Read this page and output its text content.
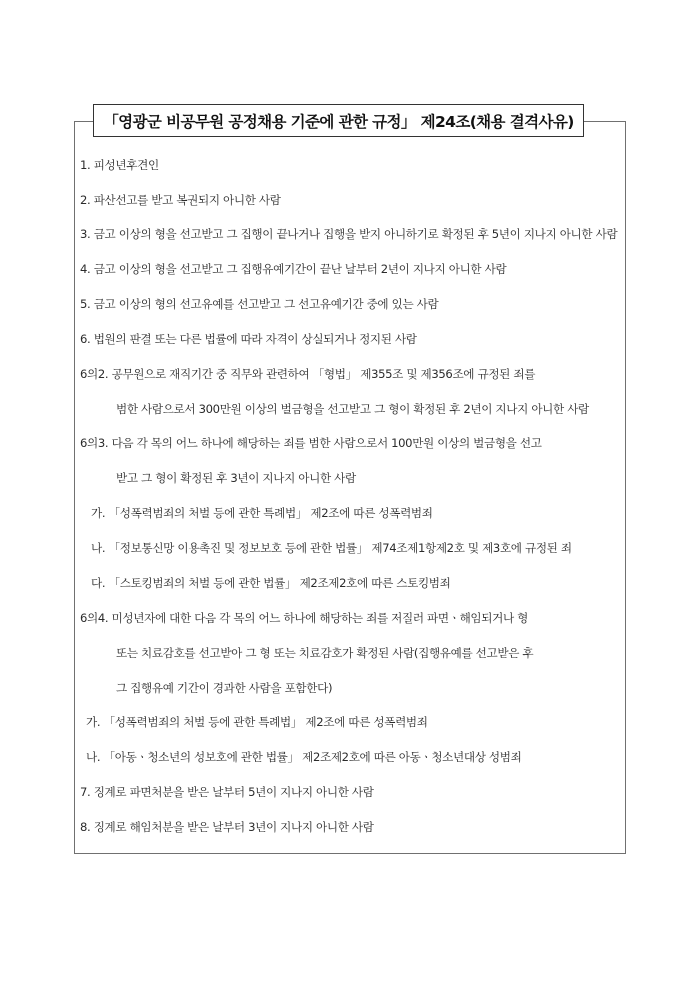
「영광군 비공무원 공정채용 기준에 관한 규정」 제24조(채용 결격사유)
1. 피성년후견인
2. 파산선고를 받고 복권되지 아니한 사람
3. 금고 이상의 형을 선고받고 그 집행이 끝나거나 집행을 받지 아니하기로 확정된 후 5년이 지나지 아니한 사람
4. 금고 이상의 형을 선고받고 그 집행유예기간이 끝난 날부터 2년이 지나지 아니한 사람
5. 금고 이상의 형의 선고유예를 선고받고 그 선고유예기간 중에 있는 사람
6. 법원의 판결 또는 다른 법률에 따라 자격이 상실되거나 정지된 사람
6의2. 공무원으로 재직기간 중 직무와 관련하여 「형법」 제355조 및 제356조에 규정된 죄를
범한 사람으로서 300만원 이상의 벌금형을 선고받고 그 형이 확정된 후 2년이 지나지 아니한 사람
6의3. 다음 각 목의 어느 하나에 해당하는 죄를 범한 사람으로서 100만원 이상의 벌금형을 선고
받고 그 형이 확정된 후 3년이 지나지 아니한 사람
가. 「성폭력범죄의 처벌 등에 관한 특례법」 제2조에 따른 성폭력범죄
나. 「정보통신망 이용촉진 및 정보보호 등에 관한 법률」 제74조제1항제2호 및 제3호에 규정된 죄
다. 「스토킹범죄의 처벌 등에 관한 법률」 제2조제2호에 따른 스토킹범죄
6의4. 미성년자에 대한 다음 각 목의 어느 하나에 해당하는 죄를 저질러 파면ㆍ해임되거나 형
또는 치료감호를 선고받아 그 형 또는 치료감호가 확정된 사람(집행유예를 선고받은 후
그 집행유예 기간이 경과한 사람을 포함한다)
가. 「성폭력범죄의 처벌 등에 관한 특례법」 제2조에 따른 성폭력범죄
나. 「아동ㆍ청소년의 성보호에 관한 법률」 제2조제2호에 따른 아동ㆍ청소년대상 성범죄
7. 징계로 파면처분을 받은 날부터 5년이 지나지 아니한 사람
8. 징계로 해임처분을 받은 날부터 3년이 지나지 아니한 사람
